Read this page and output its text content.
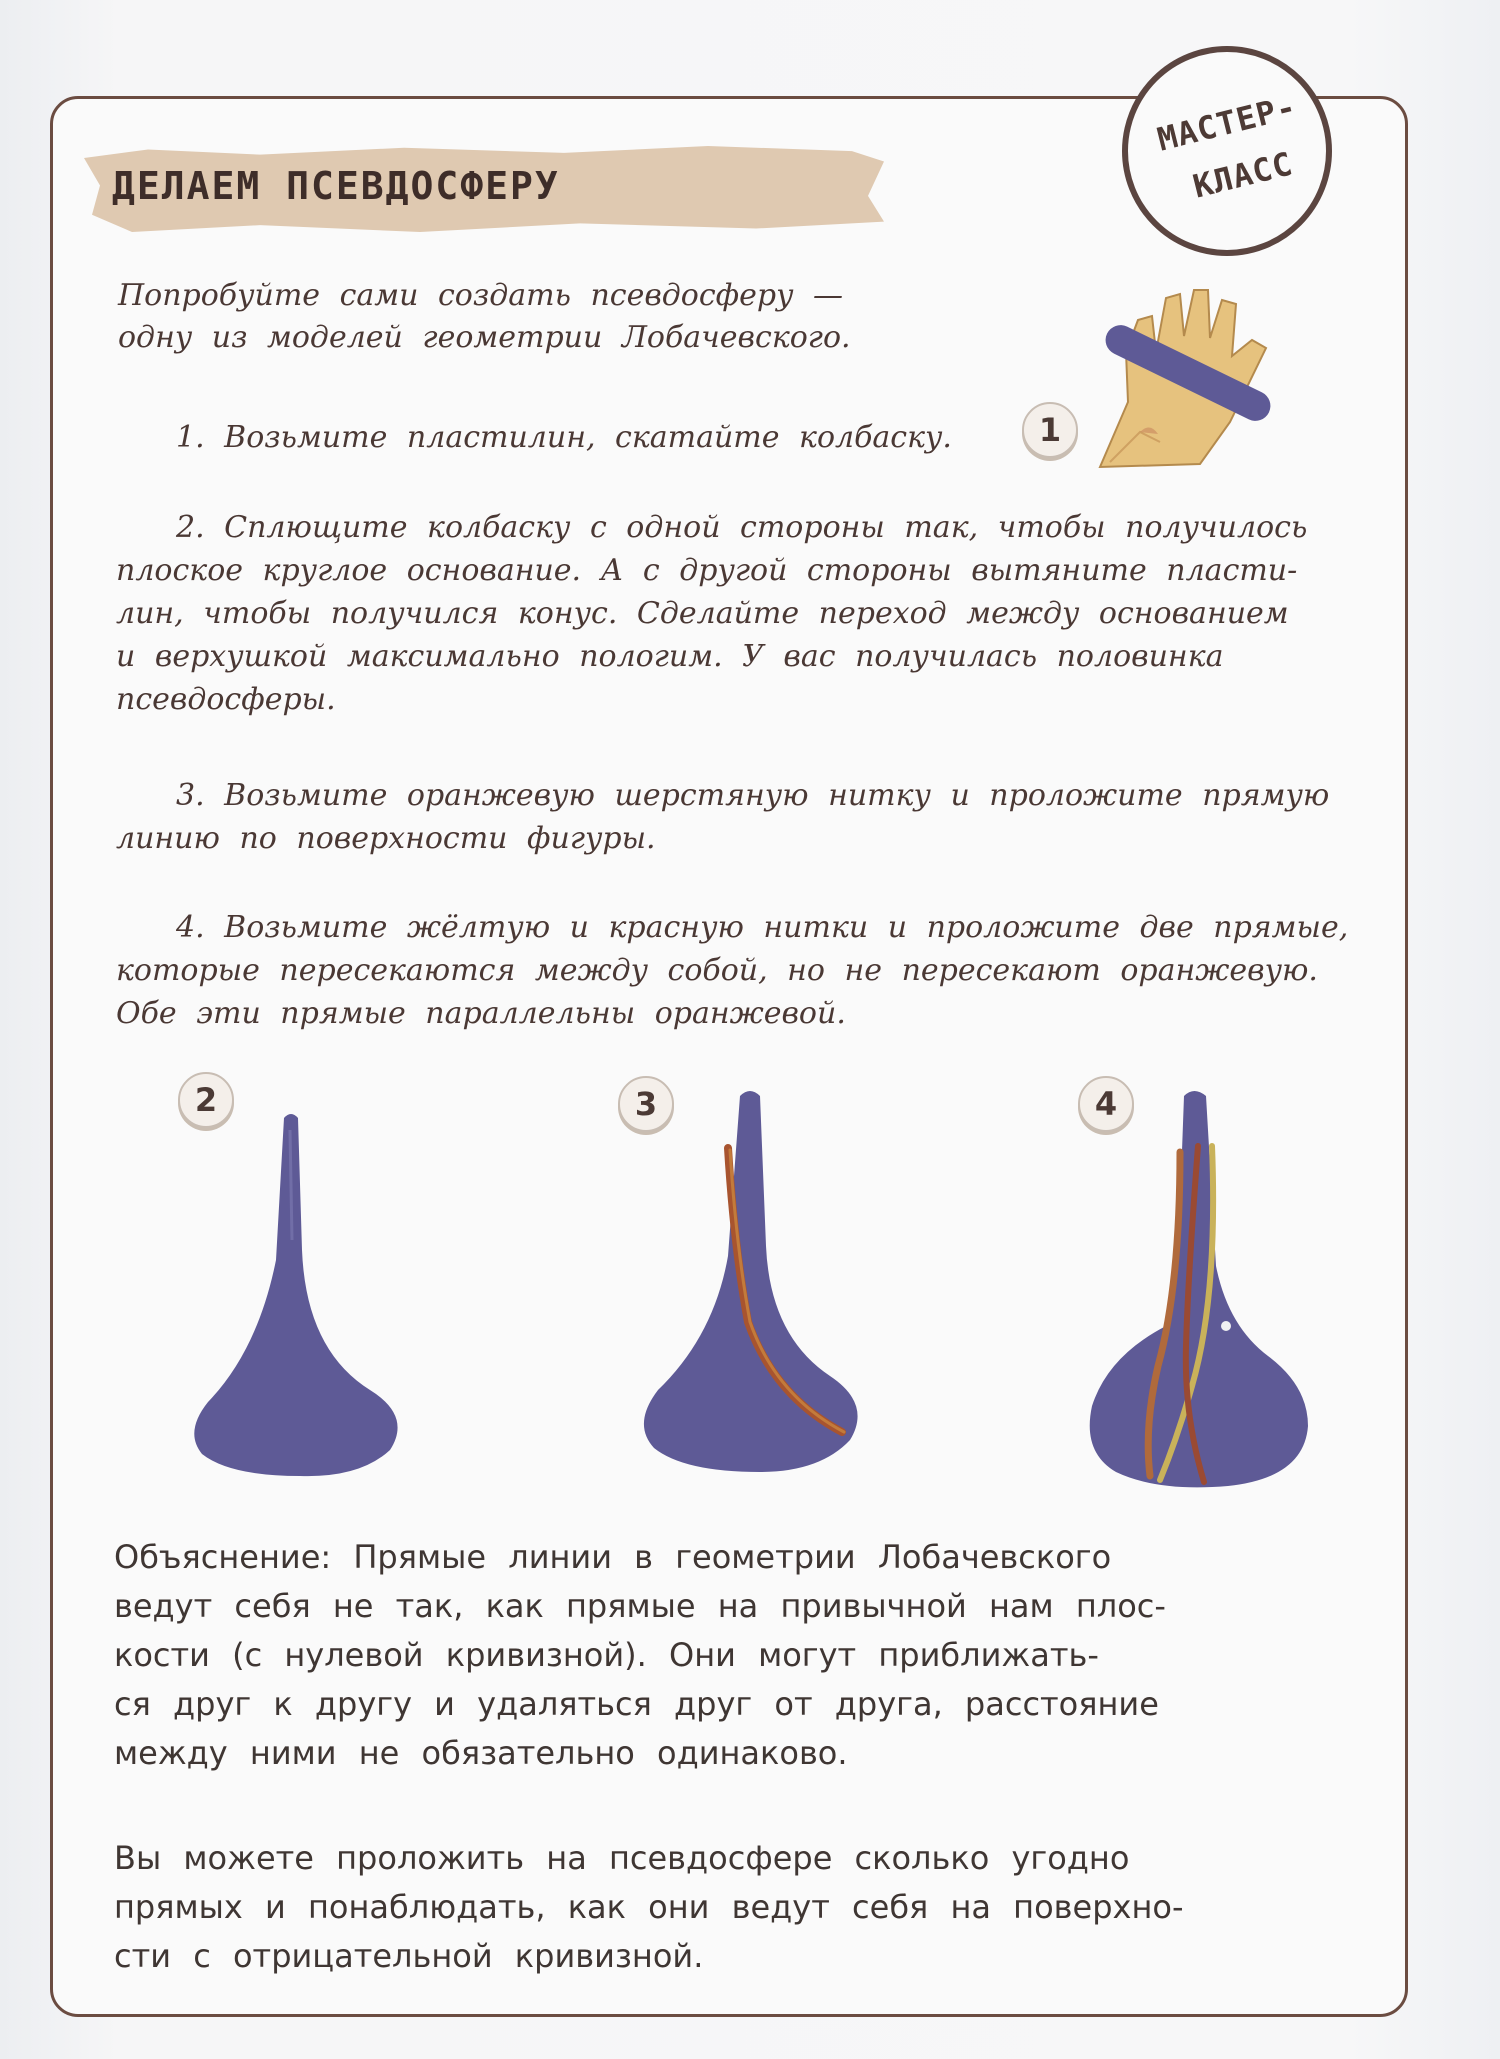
ДЕЛАЕМ ПСЕВДОСФЕРУ
МАСТЕР-
КЛАСС
Попробуйте сами создать псевдосферу —
одну из моделей геометрии Лобачевского.
1. Возьмите пластилин, скатайте колбаску.
2. Сплющите колбаску с одной стороны так, чтобы получилось
плоское круглое основание. А с другой стороны вытяните пласти-
лин, чтобы получился конус. Сделайте переход между основанием
и верхушкой максимально пологим. У вас получилась половинка
псевдосферы.
3. Возьмите оранжевую шерстяную нитку и проложите прямую
линию по поверхности фигуры.
4. Возьмите жёлтую и красную нитки и проложите две прямые,
которые пересекаются между собой, но не пересекают оранжевую.
Обе эти прямые параллельны оранжевой.
1
2	3	4
Объяснение: Прямые линии в геометрии Лобачевского
ведут себя не так, как прямые на привычной нам плос-
кости (с нулевой кривизной). Они могут приближать-
ся друг к другу и удаляться друг от друга, расстояние
между ними не обязательно одинаково.
Вы можете проложить на псевдосфере сколько угодно
прямых и понаблюдать, как они ведут себя на поверхно-
сти с отрицательной кривизной.
